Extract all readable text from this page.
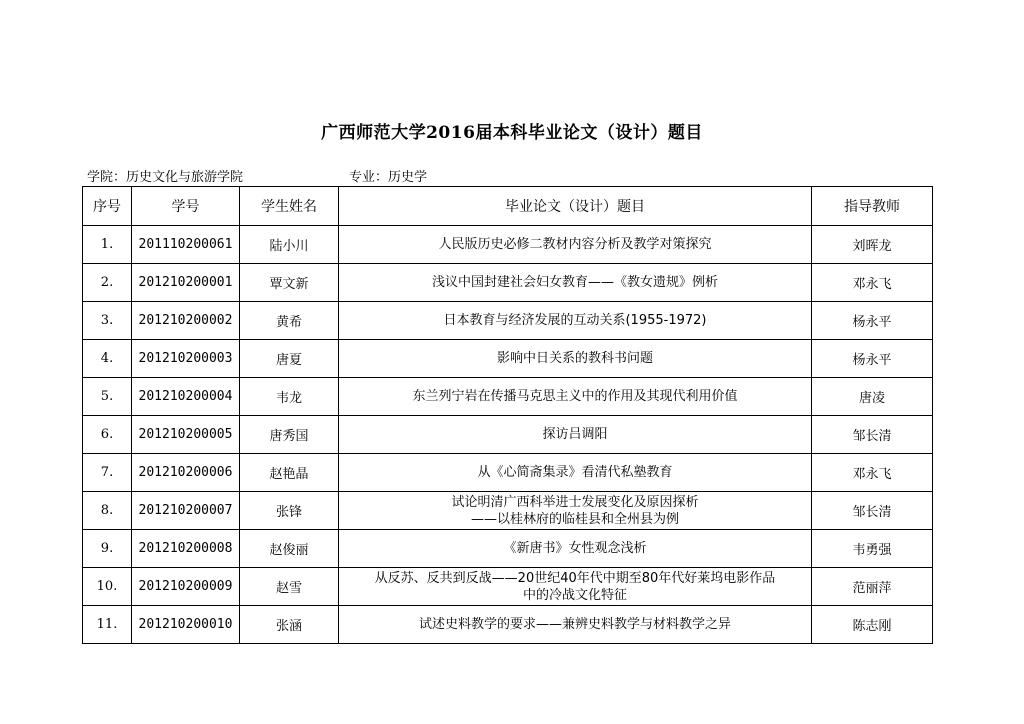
广西师范大学2016届本科毕业论文（设计）题目
学院：历史文化与旅游学院	专业：历史学
序号	学号	学生姓名	毕业论文（设计）题目	指导教师
1.	201110200061	陆小川	人民版历史必修二教材内容分析及教学对策探究	刘晖龙
2.	201210200001	覃文新	浅议中国封建社会妇女教育——《教女遗规》例析	邓永飞
3.	201210200002	黄希	日本教育与经济发展的互动关系(1955-1972)	杨永平
4.	201210200003	唐夏	影响中日关系的教科书问题	杨永平
5.	201210200004	韦龙	东兰列宁岩在传播马克思主义中的作用及其现代利用价值	唐凌
6.	201210200005	唐秀国	探访吕调阳	邹长清
7.	201210200006	赵艳晶	从《心简斋集录》看清代私塾教育	邓永飞
8.	201210200007	张锋	试论明清广西科举进士发展变化及原因探析
——以桂林府的临桂县和全州县为例	邹长清
9.	201210200008	赵俊丽	《新唐书》女性观念浅析	韦勇强
10.	201210200009	赵雪	从反苏、反共到反战——20世纪40年代中期至80年代好莱坞电影作品
中的冷战文化特征	范丽萍
11.	201210200010	张涵	试述史料教学的要求——兼辨史料教学与材料教学之异	陈志刚
